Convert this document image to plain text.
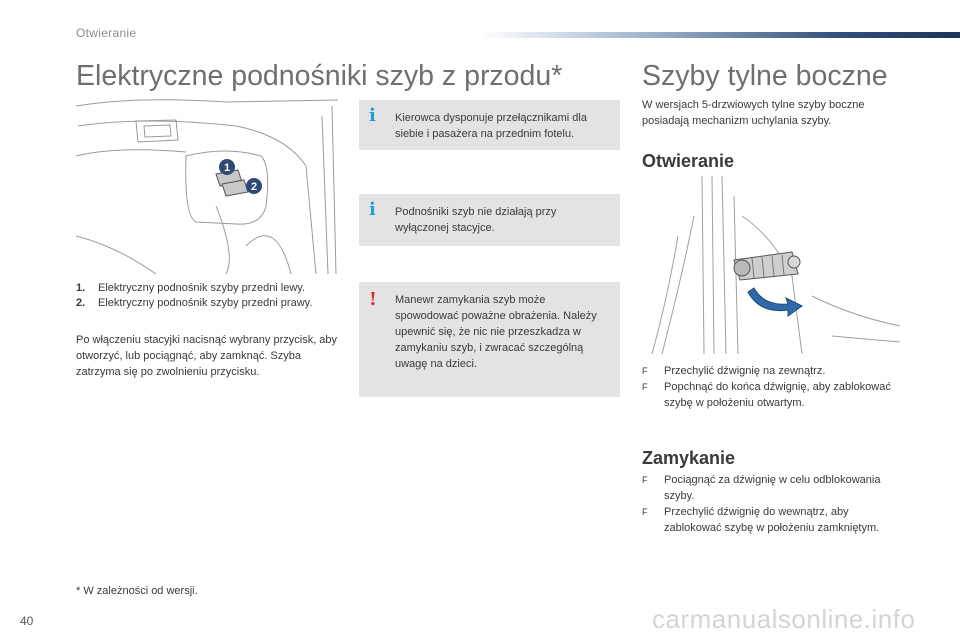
Otwieranie
Elektryczne podnośniki szyb z przodu*	Szyby tylne boczne
1
2
1.	Elektryczny podnośnik szyby przedni lewy.
2.	Elektryczny podnośnik szyby przedni prawy.
Po włączeniu stacyjki nacisnąć wybrany przycisk, aby otworzyć, lub pociągnąć, aby zamknąć. Szyba zatrzyma się po zwolnieniu przycisku.
i Kierowca dysponuje przełącznikami dla siebie i pasażera na przednim fotelu.
i Podnośniki szyb nie działają przy wyłączonej stacyjce.
! Manewr zamykania szyb może spowodować poważne obrażenia. Należy upewnić się, że nic nie przeszkadza w zamykaniu szyb, i zwracać szczególną uwagę na dzieci.
W wersjach 5-drzwiowych tylne szyby boczne posiadają mechanizm uchylania szyby.
Otwieranie
F	Przechylić dźwignię na zewnątrz.
F	Popchnąć do końca dźwignię, aby zablokować szybę w położeniu otwartym.
Zamykanie
F	Pociągnąć za dźwignię w celu odblokowania szyby.
F	Przechylić dźwignię do wewnątrz, aby zablokować szybę w położeniu zamkniętym.
* W zależności od wersji.
40	carmanualsonline.info
